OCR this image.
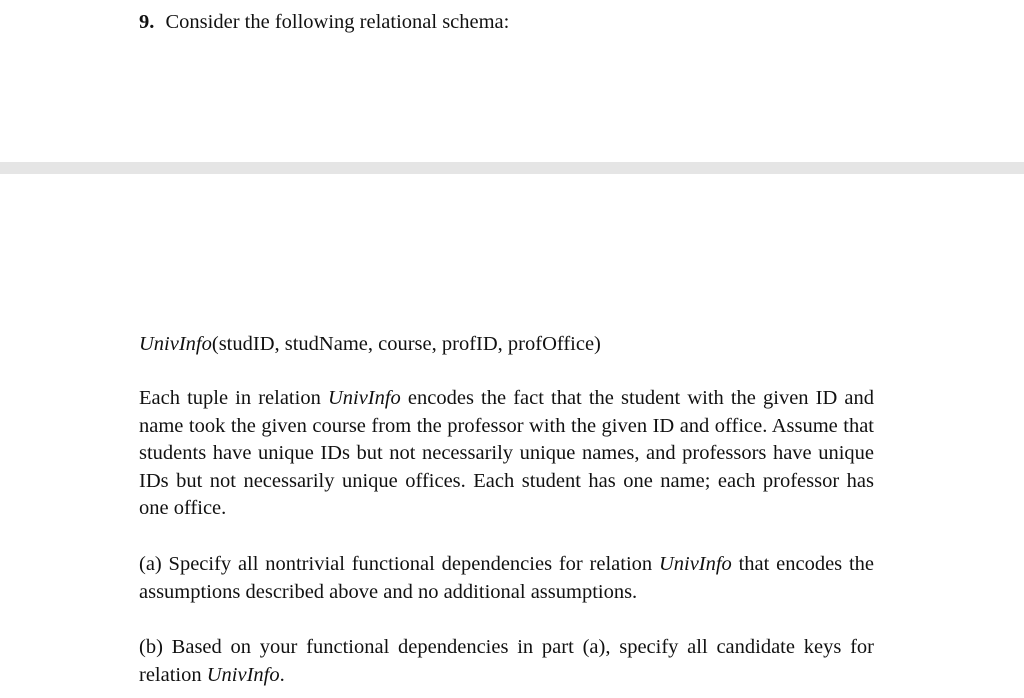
9. Consider the following relational schema:
UnivInfo(studID, studName, course, profID, profOffice)
Each tuple in relation UnivInfo encodes the fact that the student with the given ID and name took the given course from the professor with the given ID and office. Assume that students have unique IDs but not necessarily unique names, and professors have unique IDs but not necessarily unique offices. Each student has one name; each professor has one office.
(a) Specify all nontrivial functional dependencies for relation UnivInfo that encodes the assumptions described above and no additional assumptions.
(b) Based on your functional dependencies in part (a), specify all candidate keys for relation UnivInfo.
